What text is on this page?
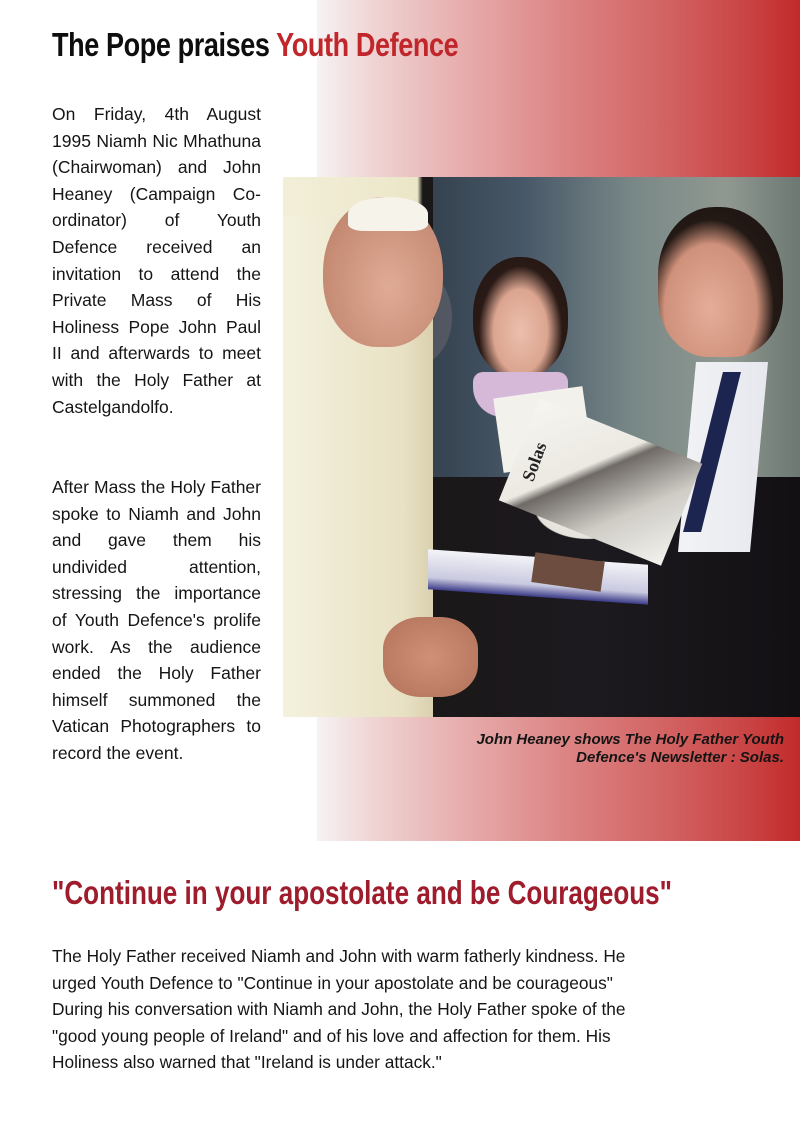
The Pope praises Youth Defence

On Friday, 4th August 1995 Niamh Nic Mhathuna (Chairwoman) and John Heaney (Campaign Co-ordinator) of Youth Defence received an invitation to attend the Private Mass of His Holiness Pope John Paul II and afterwards to meet with the Holy Father at Castelgandolfo.

After Mass the Holy Father spoke to Niamh and John and gave them his undivided attention, stressing the importance of Youth Defence's prolife work. As the audience ended the Holy Father himself summoned the Vatican Photographers to record the event.

Solas

John Heaney shows The Holy Father Youth
Defence's Newsletter : Solas.

"Continue in your apostolate and be Courageous"
The Holy Father received Niamh and John with warm fatherly kindness. He
urged Youth Defence to "Continue in your apostolate and be courageous"
During his conversation with Niamh and John, the Holy Father spoke of the
"good young people of Ireland" and of his love and affection for them. His
Holiness also warned that "Ireland is under attack."
